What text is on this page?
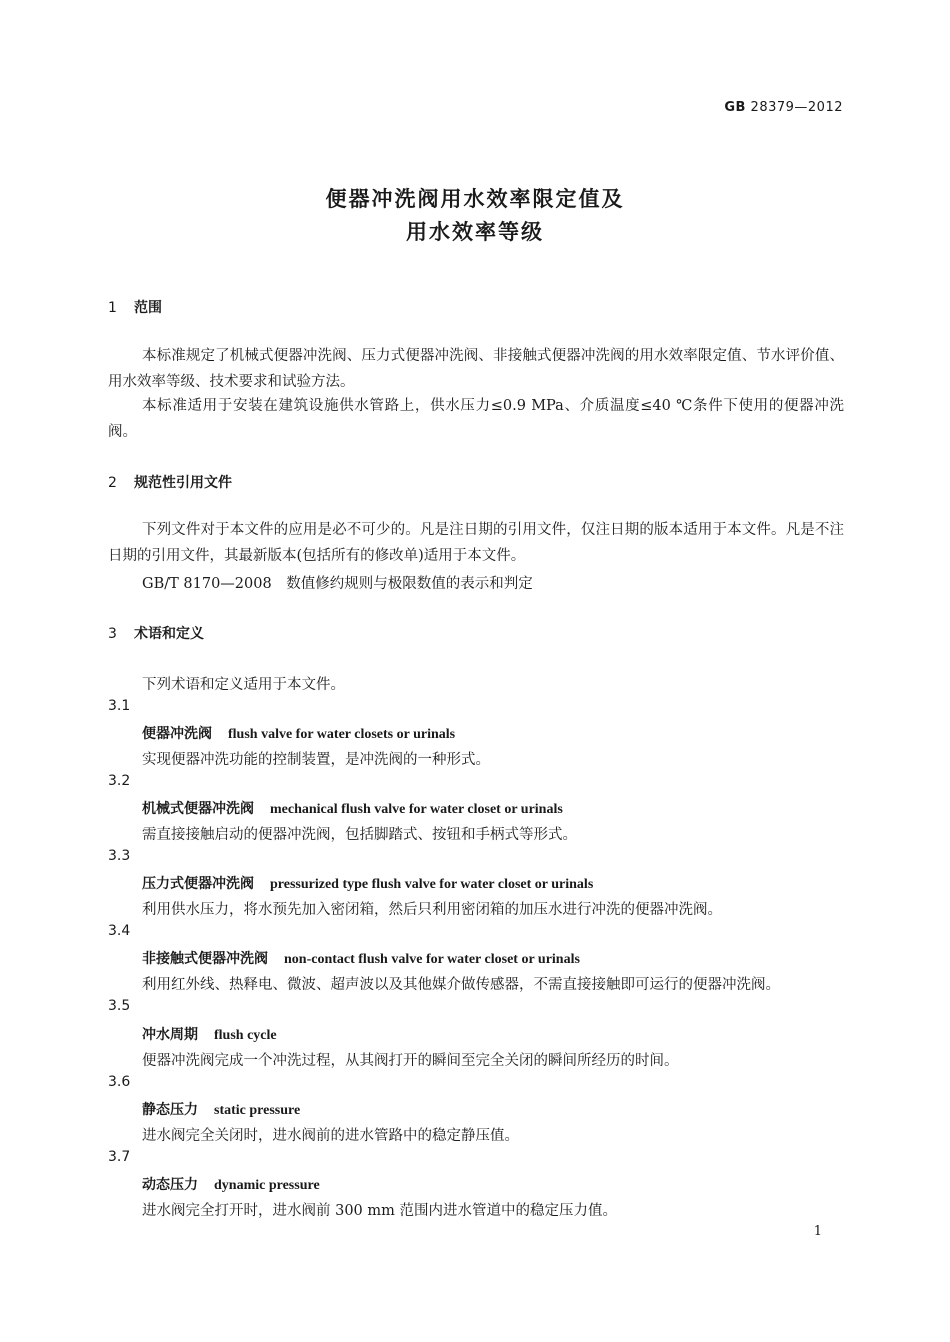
GB 28379—2012
便器冲洗阀用水效率限定值及
用水效率等级
1 范围
本标准规定了机械式便器冲洗阀、压力式便器冲洗阀、非接触式便器冲洗阀的用水效率限定值、节水评价值、用水效率等级、技术要求和试验方法。
本标准适用于安装在建筑设施供水管路上，供水压力≤0.9 MPa、介质温度≤40 ℃条件下使用的便器冲洗阀。
2 规范性引用文件
下列文件对于本文件的应用是必不可少的。凡是注日期的引用文件，仅注日期的版本适用于本文件。凡是不注日期的引用文件，其最新版本(包括所有的修改单)适用于本文件。
GB/T 8170—2008　数值修约规则与极限数值的表示和判定
3 术语和定义
下列术语和定义适用于本文件。
3.1
便器冲洗阀 flush valve for water closets or urinals
实现便器冲洗功能的控制装置，是冲洗阀的一种形式。
3.2
机械式便器冲洗阀 mechanical flush valve for water closet or urinals
需直接接触启动的便器冲洗阀，包括脚踏式、按钮和手柄式等形式。
3.3
压力式便器冲洗阀 pressurized type flush valve for water closet or urinals
利用供水压力，将水预先加入密闭箱，然后只利用密闭箱的加压水进行冲洗的便器冲洗阀。
3.4
非接触式便器冲洗阀 non-contact flush valve for water closet or urinals
利用红外线、热释电、微波、超声波以及其他媒介做传感器，不需直接接触即可运行的便器冲洗阀。
3.5
冲水周期 flush cycle
便器冲洗阀完成一个冲洗过程，从其阀打开的瞬间至完全关闭的瞬间所经历的时间。
3.6
静态压力 static pressure
进水阀完全关闭时，进水阀前的进水管路中的稳定静压值。
3.7
动态压力 dynamic pressure
进水阀完全打开时，进水阀前 300 mm 范围内进水管道中的稳定压力值。
1
